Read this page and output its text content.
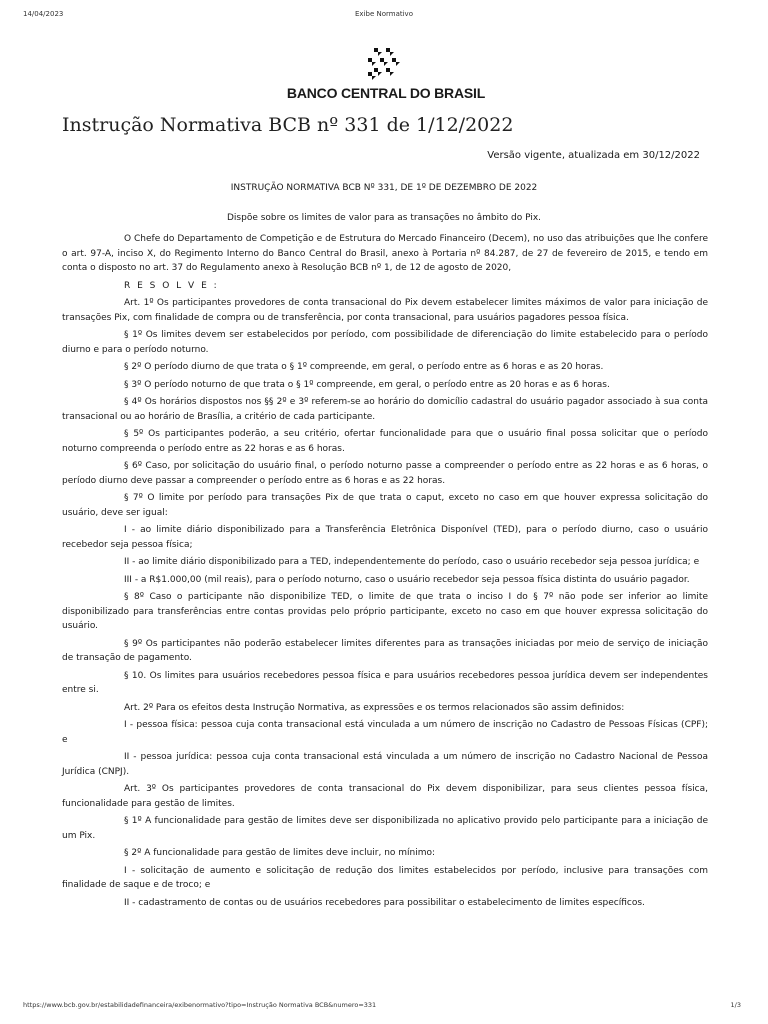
14/04/2023	Exibe Normativo
BANCO CENTRAL DO BRASIL
Instrução Normativa BCB nº 331 de 1/12/2022
Versão vigente, atualizada em 30/12/2022
INSTRUÇÃO NORMATIVA BCB Nº 331, DE 1º DE DEZEMBRO DE 2022
Dispõe sobre os limites de valor para as transações no âmbito do Pix.

O Chefe do Departamento de Competição e de Estrutura do Mercado Financeiro (Decem), no uso das atribuições que lhe confere o art. 97-A, inciso X, do Regimento Interno do Banco Central do Brasil, anexo à Portaria nº 84.287, de 27 de fevereiro de 2015, e tendo em conta o disposto no art. 37 do Regulamento anexo à Resolução BCB nº 1, de 12 de agosto de 2020,

R E S O L V E :

Art. 1º Os participantes provedores de conta transacional do Pix devem estabelecer limites máximos de valor para iniciação de transações Pix, com finalidade de compra ou de transferência, por conta transacional, para usuários pagadores pessoa física.

§ 1º Os limites devem ser estabelecidos por período, com possibilidade de diferenciação do limite estabelecido para o período diurno e para o período noturno.

§ 2º O período diurno de que trata o § 1º compreende, em geral, o período entre as 6 horas e as 20 horas.

§ 3º O período noturno de que trata o § 1º compreende, em geral, o período entre as 20 horas e as 6 horas.

§ 4º Os horários dispostos nos §§ 2º e 3º referem-se ao horário do domicílio cadastral do usuário pagador associado à sua conta transacional ou ao horário de Brasília, a critério de cada participante.

§ 5º Os participantes poderão, a seu critério, ofertar funcionalidade para que o usuário final possa solicitar que o período noturno compreenda o período entre as 22 horas e as 6 horas.

§ 6º Caso, por solicitação do usuário final, o período noturno passe a compreender o período entre as 22 horas e as 6 horas, o período diurno deve passar a compreender o período entre as 6 horas e as 22 horas.

§ 7º O limite por período para transações Pix de que trata o caput, exceto no caso em que houver expressa solicitação do usuário, deve ser igual:

I - ao limite diário disponibilizado para a Transferência Eletrônica Disponível (TED), para o período diurno, caso o usuário recebedor seja pessoa física;

II - ao limite diário disponibilizado para a TED, independentemente do período, caso o usuário recebedor seja pessoa jurídica; e

III - a R$1.000,00 (mil reais), para o período noturno, caso o usuário recebedor seja pessoa física distinta do usuário pagador.

§ 8º Caso o participante não disponibilize TED, o limite de que trata o inciso I do § 7º não pode ser inferior ao limite disponibilizado para transferências entre contas providas pelo próprio participante, exceto no caso em que houver expressa solicitação do usuário.

§ 9º Os participantes não poderão estabelecer limites diferentes para as transações iniciadas por meio de serviço de iniciação de transação de pagamento.

§ 10. Os limites para usuários recebedores pessoa física e para usuários recebedores pessoa jurídica devem ser independentes entre si.

Art. 2º Para os efeitos desta Instrução Normativa, as expressões e os termos relacionados são assim definidos:

I - pessoa física: pessoa cuja conta transacional está vinculada a um número de inscrição no Cadastro de Pessoas Físicas (CPF); e

II - pessoa jurídica: pessoa cuja conta transacional está vinculada a um número de inscrição no Cadastro Nacional de Pessoa Jurídica (CNPJ).

Art. 3º Os participantes provedores de conta transacional do Pix devem disponibilizar, para seus clientes pessoa física, funcionalidade para gestão de limites.

§ 1º A funcionalidade para gestão de limites deve ser disponibilizada no aplicativo provido pelo participante para a iniciação de um Pix.

§ 2º A funcionalidade para gestão de limites deve incluir, no mínimo:

I - solicitação de aumento e solicitação de redução dos limites estabelecidos por período, inclusive para transações com finalidade de saque e de troco; e

II - cadastramento de contas ou de usuários recebedores para possibilitar o estabelecimento de limites específicos.

https://www.bcb.gov.br/estabilidadefinanceira/exibenormativo?tipo=Instrução Normativa BCB&numero=331	1/3
